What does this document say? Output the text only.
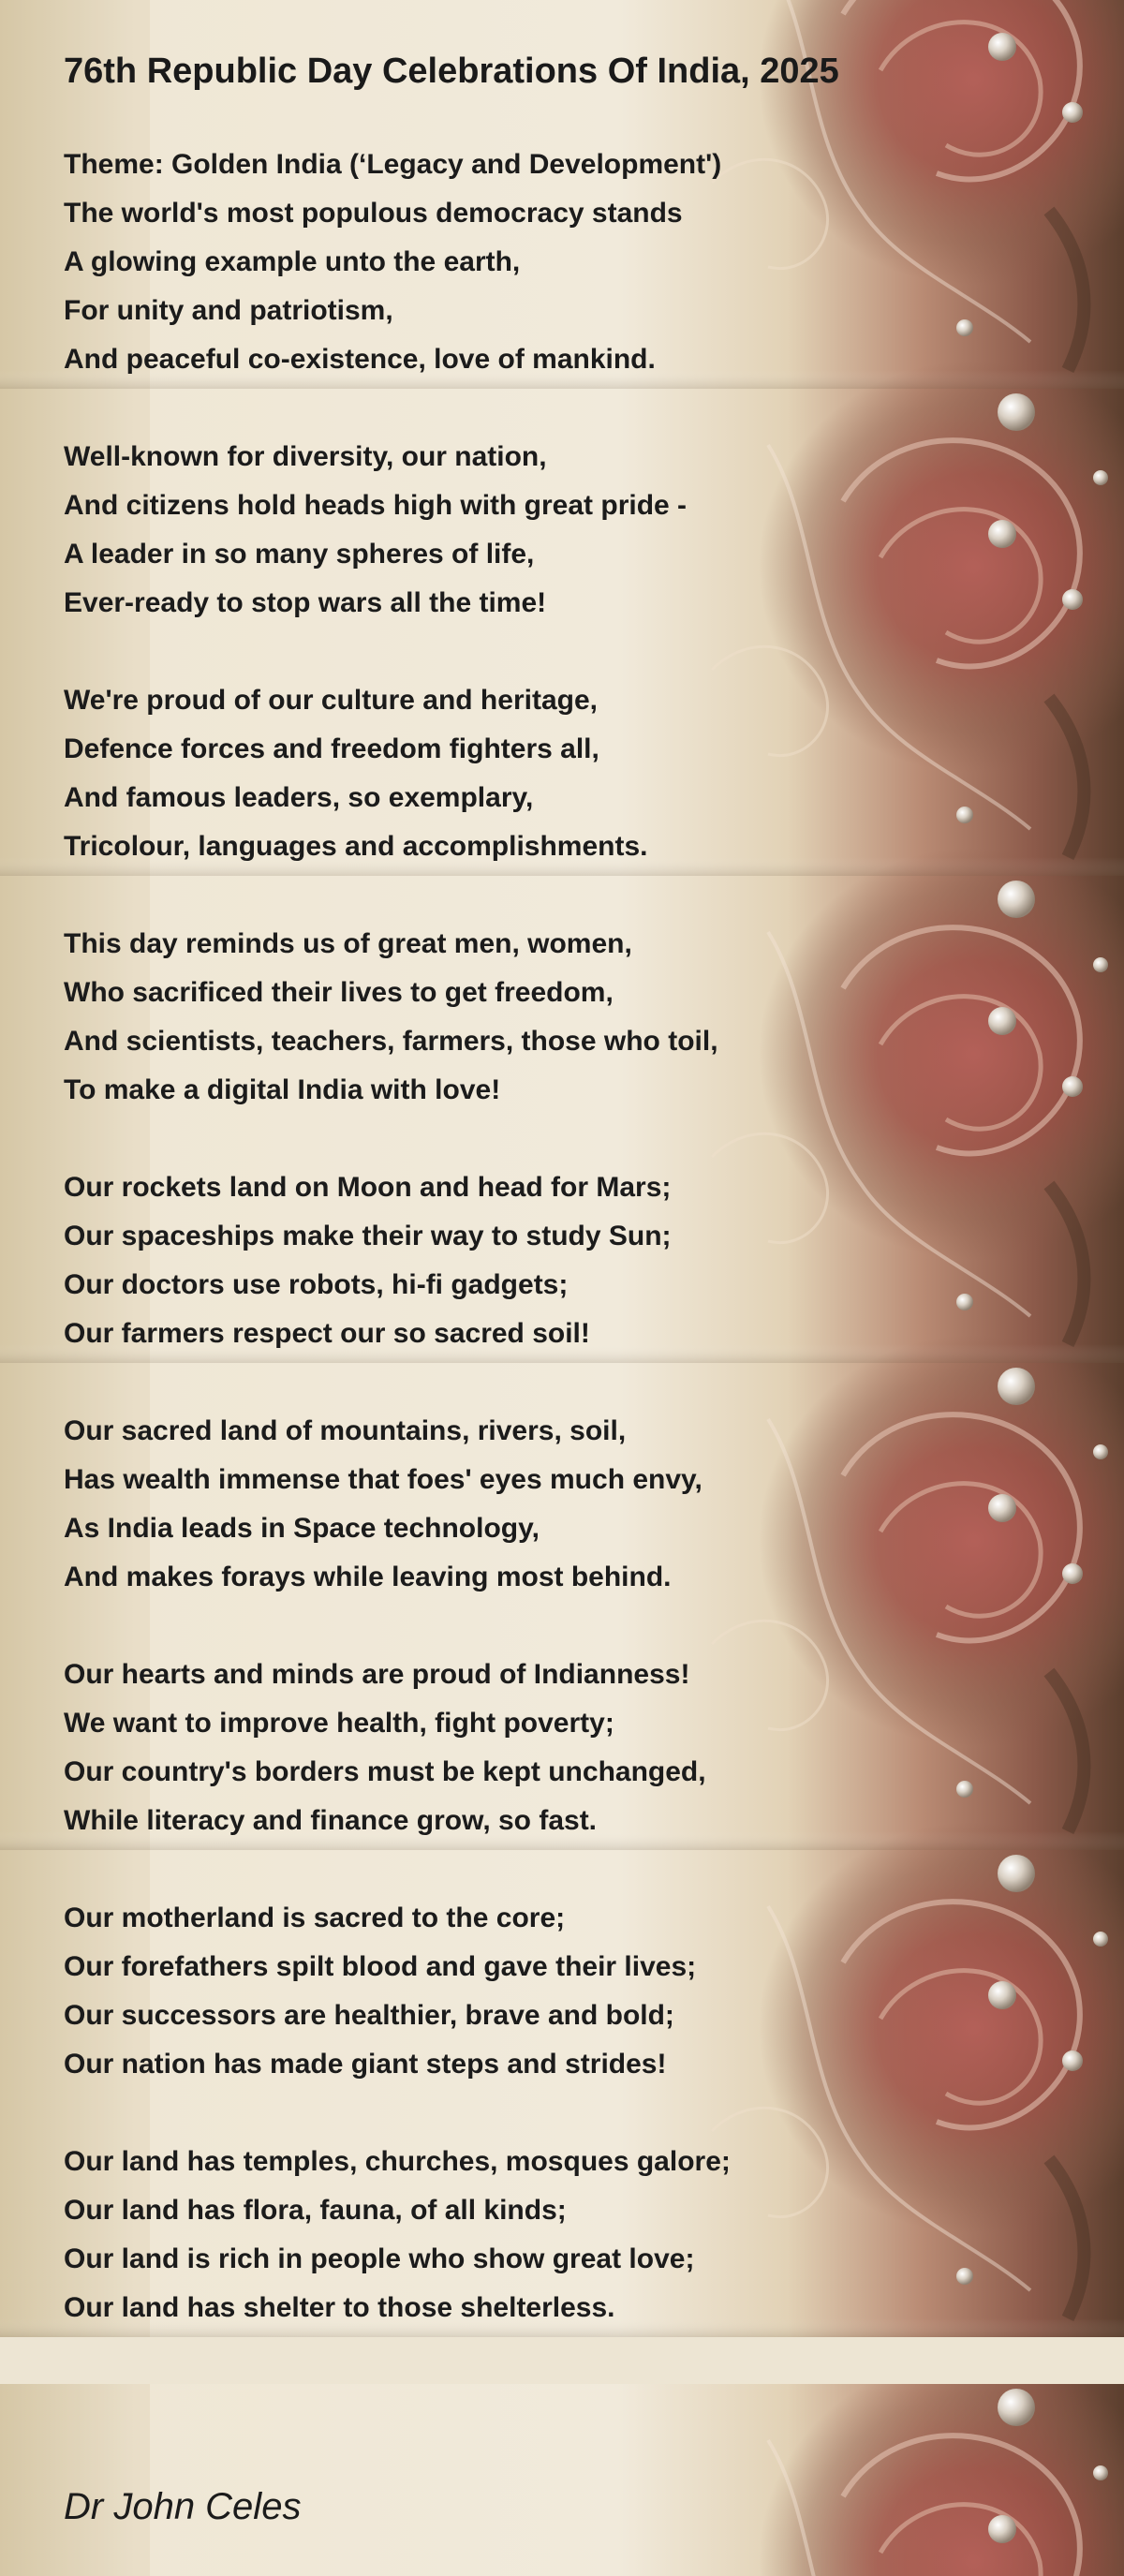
76th Republic Day Celebrations Of India, 2025
Theme: Golden India (‘Legacy and Development')
The world's most populous democracy stands
A glowing example unto the earth,
For unity and patriotism,
And peaceful co-existence, love of mankind.
Well-known for diversity, our nation,
And citizens hold heads high with great pride -
A leader in so many spheres of life,
Ever-ready to stop wars all the time!
We're proud of our culture and heritage,
Defence forces and freedom fighters all,
And famous leaders, so exemplary,
Tricolour, languages and accomplishments.
This day reminds us of great men, women,
Who sacrificed their lives to get freedom,
And scientists, teachers, farmers, those who toil,
To make a digital India with love!
Our rockets land on Moon and head for Mars;
Our spaceships make their way to study Sun;
Our doctors use robots, hi-fi gadgets;
Our farmers respect our so sacred soil!
Our sacred land of mountains, rivers, soil,
Has wealth immense that foes' eyes much envy,
As India leads in Space technology,
And makes forays while leaving most behind.
Our hearts and minds are proud of Indianness!
We want to improve health, fight poverty;
Our country's borders must be kept unchanged,
While literacy and finance grow, so fast.
Our motherland is sacred to the core;
Our forefathers spilt blood and gave their lives;
Our successors are healthier, brave and bold;
Our nation has made giant steps and strides!
Our land has temples, churches, mosques galore;
Our land has flora, fauna, of all kinds;
Our land is rich in people who show great love;
Our land has shelter to those shelterless.
Dr John Celes
